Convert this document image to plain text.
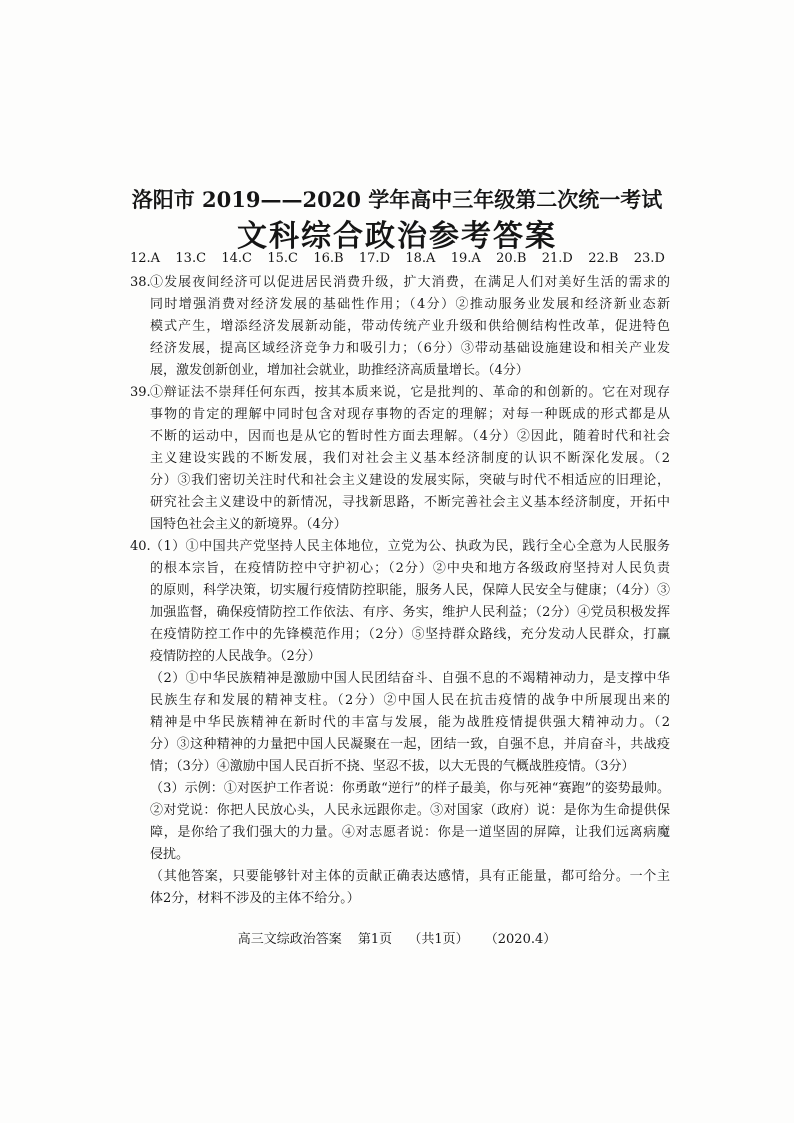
洛阳市 2019——2020 学年高中三年级第二次统一考试
文科综合政治参考答案
12.A 13.C 14.C 15.C 16.B 17.D 18.A 19.A 20.B 21.D 22.B 23.D
38. ①发展夜间经济可以促进居民消费升级，扩大消费，在满足人们对美好生活的需求的
同时增强消费对经济发展的基础性作用；（4分）②推动服务业发展和经济新业态新
模式产生，增添经济发展新动能，带动传统产业升级和供给侧结构性改革，促进特色
经济发展，提高区域经济竞争力和吸引力；（6分）③带动基础设施建设和相关产业发
展，激发创新创业，增加社会就业，助推经济高质量增长。（4分）
39. ①辩证法不崇拜任何东西，按其本质来说，它是批判的、革命的和创新的。它在对现存
事物的肯定的理解中同时包含对现存事物的否定的理解；对每一种既成的形式都是从
不断的运动中，因而也是从它的暂时性方面去理解。（4分）②因此，随着时代和社会
主义建设实践的不断发展，我们对社会主义基本经济制度的认识不断深化发展。（2
分）③我们密切关注时代和社会主义建设的发展实际，突破与时代不相适应的旧理论，
研究社会主义建设中的新情况，寻找新思路，不断完善社会主义基本经济制度，开拓中
国特色社会主义的新境界。（4分）
40. （1）①中国共产党坚持人民主体地位，立党为公、执政为民，践行全心全意为人民服务
的根本宗旨，在疫情防控中守护初心；（2分）②中央和地方各级政府坚持对人民负责
的原则，科学决策，切实履行疫情防控职能，服务人民，保障人民安全与健康；（4分）③
加强监督，确保疫情防控工作依法、有序、务实，维护人民利益；（2分）④党员积极发挥
在疫情防控工作中的先锋模范作用；（2分）⑤坚持群众路线，充分发动人民群众，打赢
疫情防控的人民战争。（2分）
（2）①中华民族精神是激励中国人民团结奋斗、自强不息的不竭精神动力，是支撑中华
民族生存和发展的精神支柱。（2分）②中国人民在抗击疫情的战争中所展现出来的
精神是中华民族精神在新时代的丰富与发展，能为战胜疫情提供强大精神动力。（2
分）③这种精神的力量把中国人民凝聚在一起，团结一致，自强不息，并肩奋斗，共战疫
情；（3分）④激励中国人民百折不挠、坚忍不拔，以大无畏的气概战胜疫情。（3分）
（3）示例：①对医护工作者说：你勇敢“逆行”的样子最美，你与死神“赛跑”的姿势最帅。
②对党说：你把人民放心头，人民永远跟你走。③对国家（政府）说：是你为生命提供保
障，是你给了我们强大的力量。④对志愿者说：你是一道坚固的屏障，让我们远离病魔
侵扰。
（其他答案，只要能够针对主体的贡献正确表达感情，具有正能量，都可给分。一个主
体2分，材料不涉及的主体不给分。）
高三文综政治答案 第1页 （共1页） （2020.4）
